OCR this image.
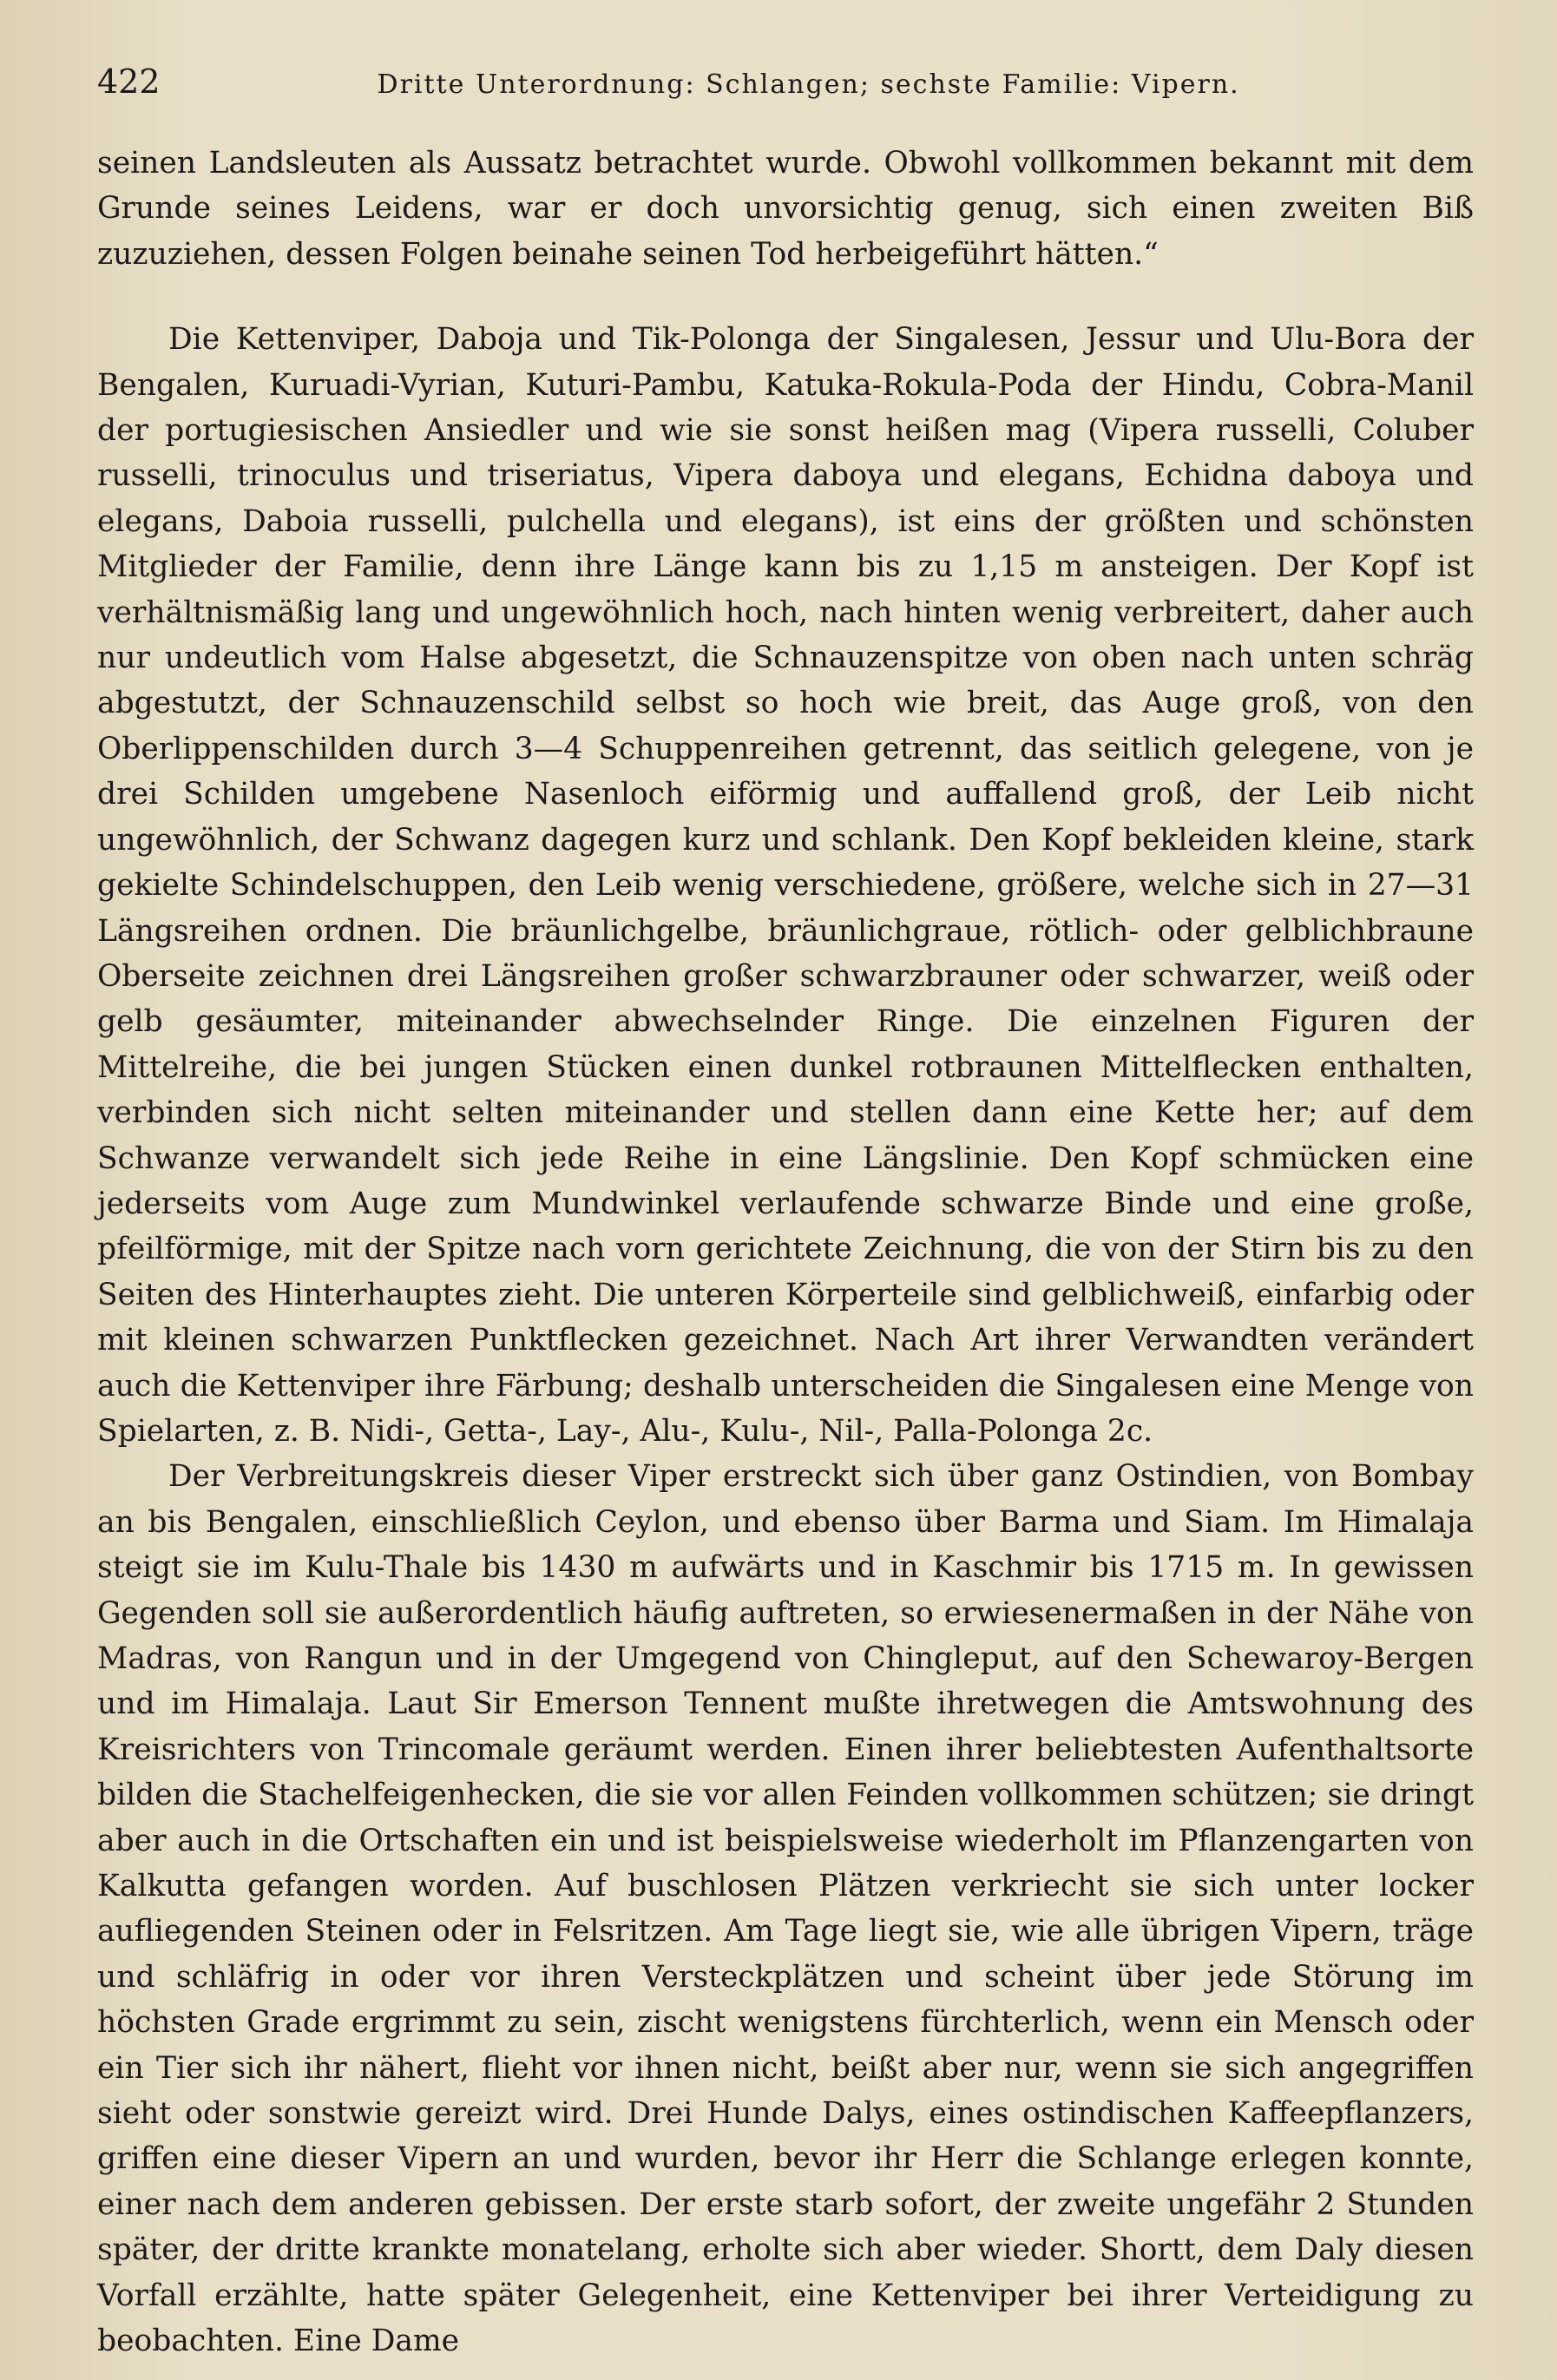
422	Dritte Unterordnung: Schlangen; sechste Familie: Vipern.

seinen Landsleuten als Aussatz betrachtet wurde. Obwohl vollkommen bekannt mit dem Grunde seines Leidens, war er doch unvorsichtig genug, sich einen zweiten Biß zuzuziehen, dessen Folgen beinahe seinen Tod herbeigeführt hätten.“

Die Kettenviper, Daboja und Tik-Polonga der Singalesen, Jessur und Ulu-Bora der Bengalen, Kuruadi-Vyrian, Kuturi-Pambu, Katuka-Rokula-Poda der Hindu, Cobra-Manil der portugiesischen Ansiedler und wie sie sonst heißen mag (Vipera russelli, Coluber russelli, trinoculus und triseriatus, Vipera daboya und elegans, Echidna daboya und elegans, Daboia russelli, pulchella und elegans), ist eins der größten und schönsten Mitglieder der Familie, denn ihre Länge kann bis zu 1,15 m ansteigen. Der Kopf ist verhältnismäßig lang und ungewöhnlich hoch, nach hinten wenig verbreitert, daher auch nur undeutlich vom Halse abgesetzt, die Schnauzenspitze von oben nach unten schräg abgestutzt, der Schnauzenschild selbst so hoch wie breit, das Auge groß, von den Oberlippenschilden durch 3—4 Schuppenreihen getrennt, das seitlich gelegene, von je drei Schilden umgebene Nasenloch eiförmig und auffallend groß, der Leib nicht ungewöhnlich, der Schwanz dagegen kurz und schlank. Den Kopf bekleiden kleine, stark gekielte Schindelschuppen, den Leib wenig verschiedene, größere, welche sich in 27—31 Längsreihen ordnen. Die bräunlichgelbe, bräunlichgraue, rötlich- oder gelblichbraune Oberseite zeichnen drei Längsreihen großer schwarzbrauner oder schwarzer, weiß oder gelb gesäumter, miteinander abwechselnder Ringe. Die einzelnen Figuren der Mittelreihe, die bei jungen Stücken einen dunkel rotbraunen Mittelflecken enthalten, verbinden sich nicht selten miteinander und stellen dann eine Kette her; auf dem Schwanze verwandelt sich jede Reihe in eine Längslinie. Den Kopf schmücken eine jederseits vom Auge zum Mundwinkel verlaufende schwarze Binde und eine große, pfeilförmige, mit der Spitze nach vorn gerichtete Zeichnung, die von der Stirn bis zu den Seiten des Hinterhauptes zieht. Die unteren Körperteile sind gelblichweiß, einfarbig oder mit kleinen schwarzen Punktflecken gezeichnet. Nach Art ihrer Verwandten verändert auch die Kettenviper ihre Färbung; deshalb unterscheiden die Singalesen eine Menge von Spielarten, z. B. Nidi-, Getta-, Lay-, Alu-, Kulu-, Nil-, Palla-Polonga 2c.

Der Verbreitungskreis dieser Viper erstreckt sich über ganz Ostindien, von Bombay an bis Bengalen, einschließlich Ceylon, und ebenso über Barma und Siam. Im Himalaja steigt sie im Kulu-Thale bis 1430 m aufwärts und in Kaschmir bis 1715 m. In gewissen Gegenden soll sie außerordentlich häufig auftreten, so erwiesenermaßen in der Nähe von Madras, von Rangun und in der Umgegend von Chingleput, auf den Schewaroy-Bergen und im Himalaja. Laut Sir Emerson Tennent mußte ihretwegen die Amtswohnung des Kreisrichters von Trincomale geräumt werden. Einen ihrer beliebtesten Aufenthaltsorte bilden die Stachelfeigenhecken, die sie vor allen Feinden vollkommen schützen; sie dringt aber auch in die Ortschaften ein und ist beispielsweise wiederholt im Pflanzengarten von Kalkutta gefangen worden. Auf buschlosen Plätzen verkriecht sie sich unter locker aufliegenden Steinen oder in Felsritzen. Am Tage liegt sie, wie alle übrigen Vipern, träge und schläfrig in oder vor ihren Versteckplätzen und scheint über jede Störung im höchsten Grade ergrimmt zu sein, zischt wenigstens fürchterlich, wenn ein Mensch oder ein Tier sich ihr nähert, flieht vor ihnen nicht, beißt aber nur, wenn sie sich angegriffen sieht oder sonstwie gereizt wird. Drei Hunde Dalys, eines ostindischen Kaffeepflanzers, griffen eine dieser Vipern an und wurden, bevor ihr Herr die Schlange erlegen konnte, einer nach dem anderen gebissen. Der erste starb sofort, der zweite ungefähr 2 Stunden später, der dritte krankte monatelang, erholte sich aber wieder. Shortt, dem Daly diesen Vorfall erzählte, hatte später Gelegenheit, eine Kettenviper bei ihrer Verteidigung zu beobachten. Eine Dame
